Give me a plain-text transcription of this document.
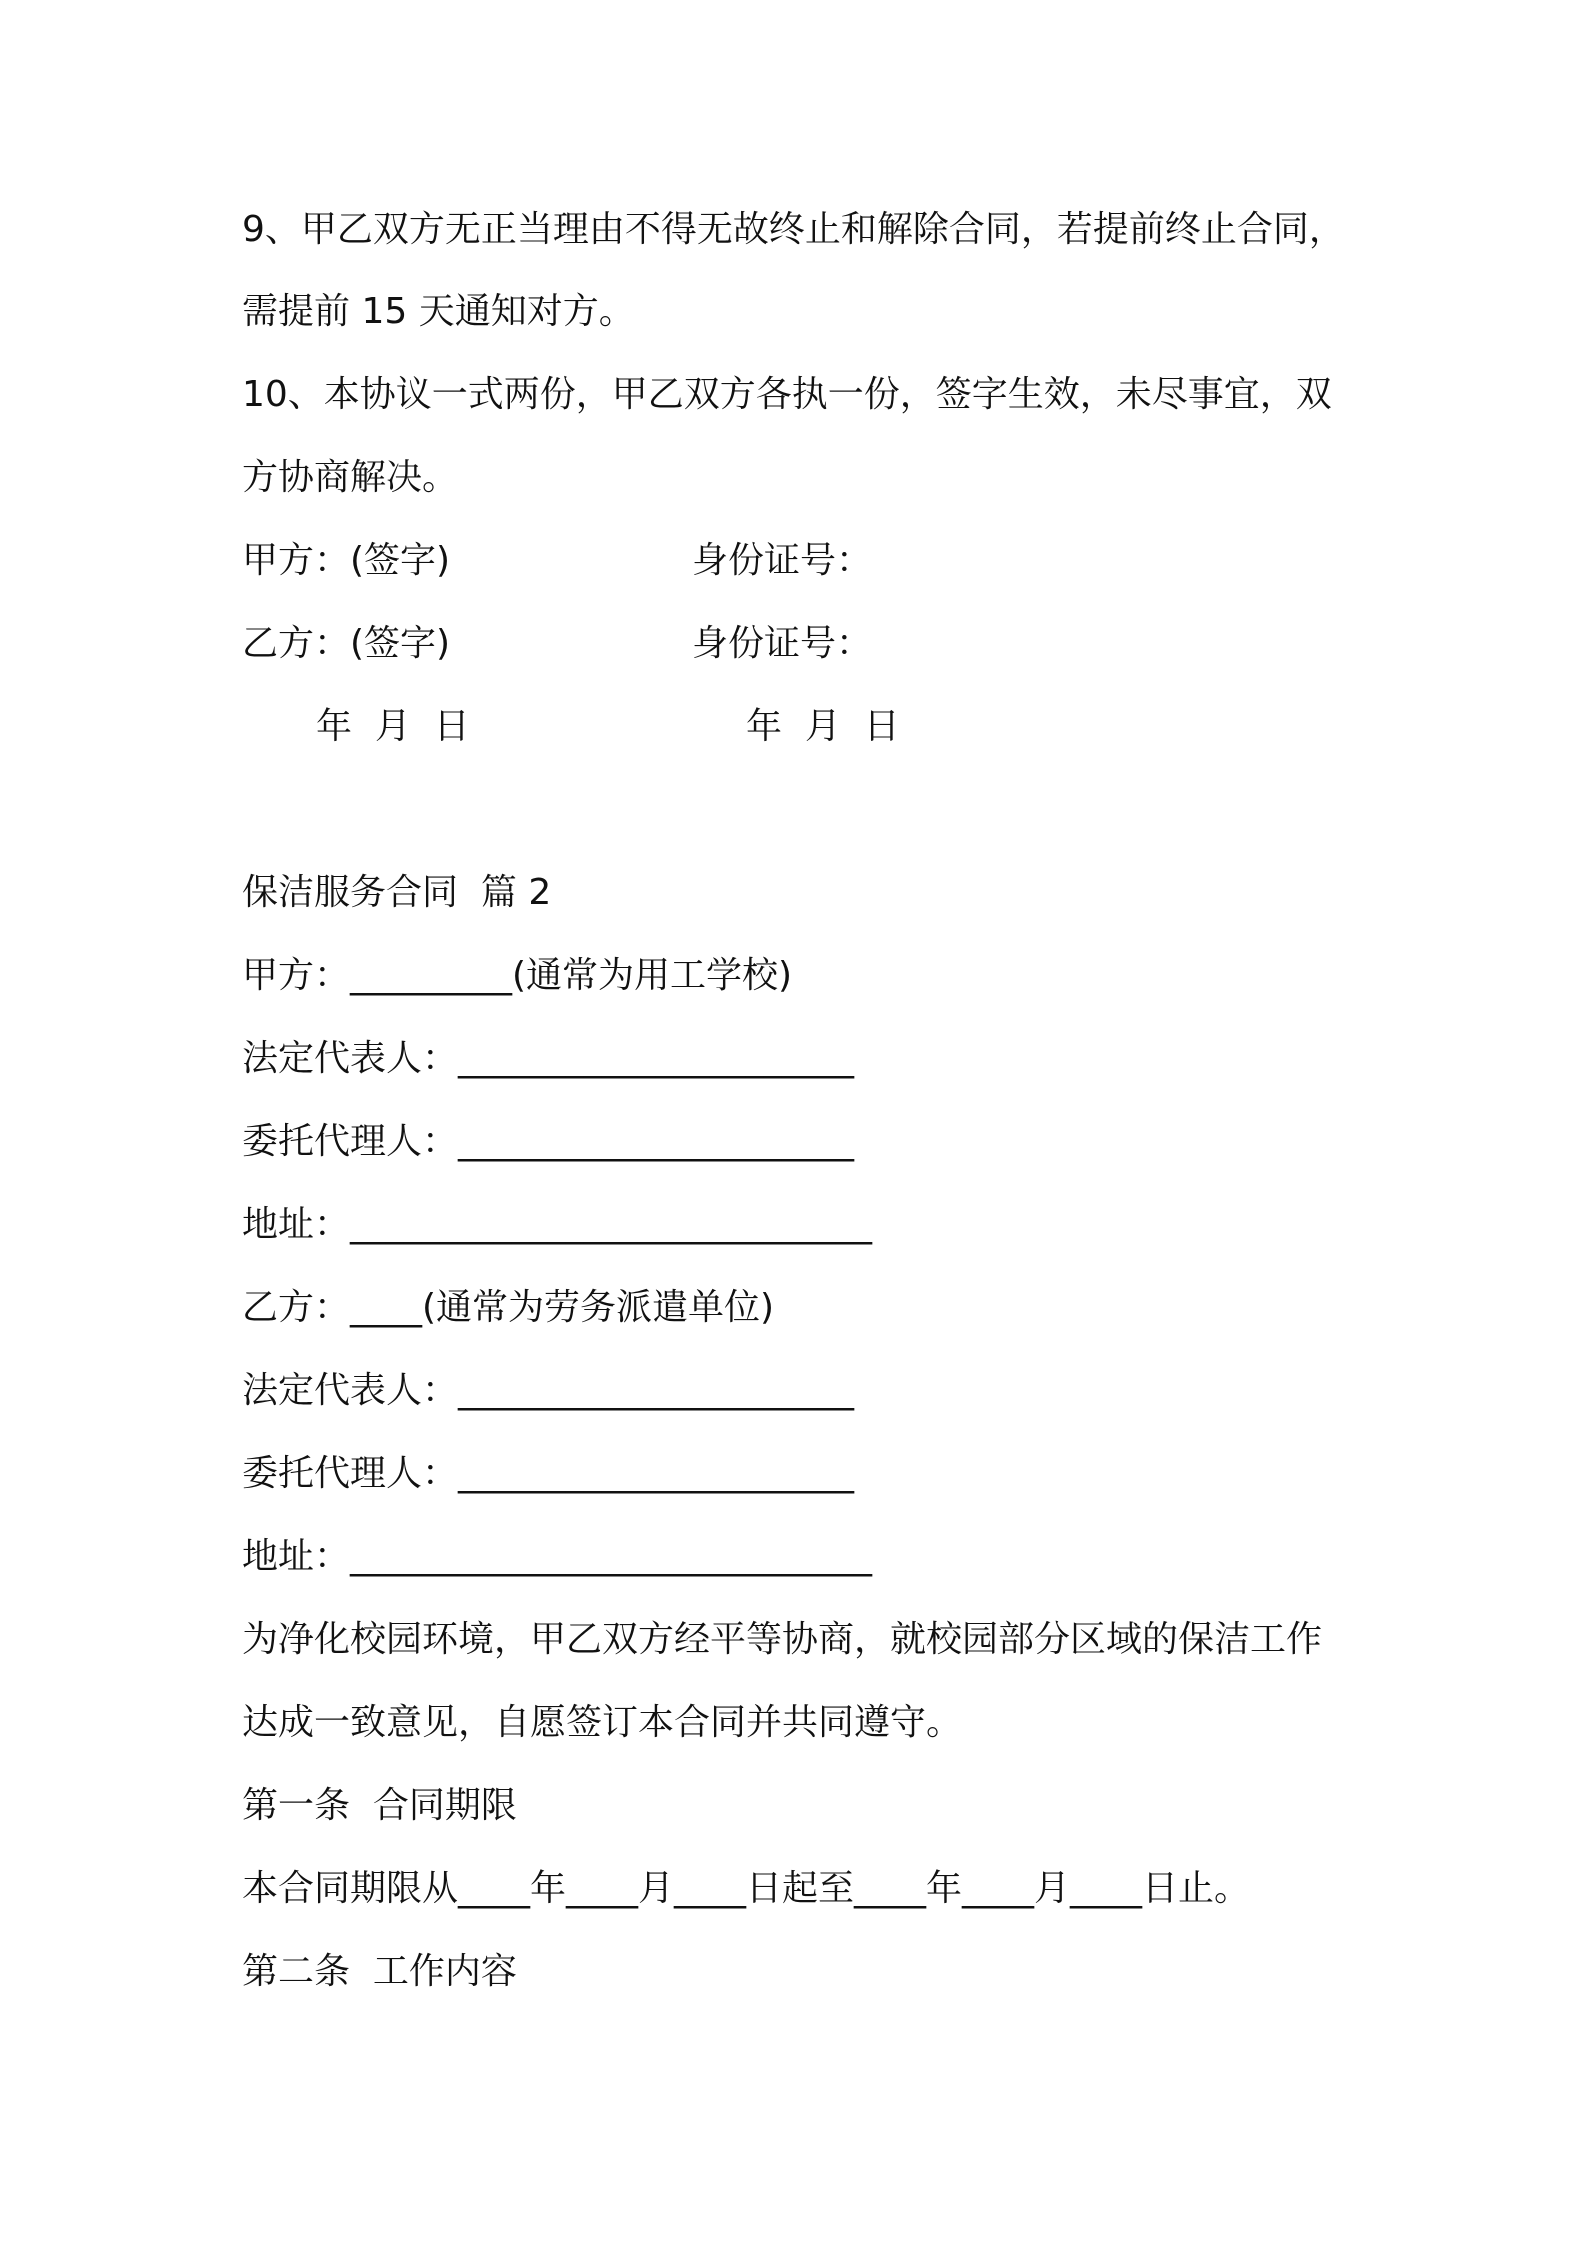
9、甲乙双方无正当理由不得无故终止和解除合同，若提前终止合同，
需提前 15 天通知对方。
10、本协议一式两份，甲乙双方各执一份，签字生效，未尽事宜，双
方协商解决。
甲方：(签字)	身份证号：
乙方：(签字)	身份证号：
年  月  日	年  月  日
保洁服务合同  篇 2
甲方：_________(通常为用工学校)
法定代表人：______________________
委托代理人：______________________
地址：_____________________________
乙方：____(通常为劳务派遣单位)
法定代表人：______________________
委托代理人：______________________
地址：_____________________________
为净化校园环境，甲乙双方经平等协商，就校园部分区域的保洁工作
达成一致意见，自愿签订本合同并共同遵守。
第一条  合同期限
本合同期限从____年____月____日起至____年____月____日止。
第二条  工作内容
